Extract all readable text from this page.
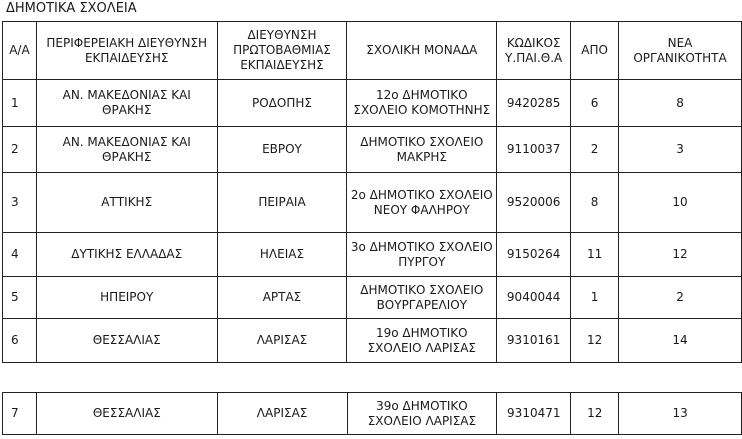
ΔΗΜΟΤΙΚΑ ΣΧΟΛΕΙΑ
Α/Α	ΠΕΡΙΦΕΡΕΙΑΚΗ ΔΙΕΥΘΥΝΣΗ ΕΚΠΑΙΔΕΥΣΗΣ	ΔΙΕΥΘΥΝΣΗ ΠΡΩΤΟΒΑΘΜΙΑΣ ΕΚΠΑΙΔΕΥΣΗΣ	ΣΧΟΛΙΚΗ ΜΟΝΑΔΑ	ΚΩΔΙΚΟΣ Υ.ΠΑΙ.Θ.Α	ΑΠΟ	ΝΕΑ ΟΡΓΑΝΙΚΟΤΗΤΑ
1	ΑΝ. ΜΑΚΕΔΟΝΙΑΣ ΚΑΙ ΘΡΑΚΗΣ	ΡΟΔΟΠΗΣ	12ο ΔΗΜΟΤΙΚΟ ΣΧΟΛΕΙΟ ΚΟΜΟΤΗΝΗΣ	9420285	6	8
2	ΑΝ. ΜΑΚΕΔΟΝΙΑΣ ΚΑΙ ΘΡΑΚΗΣ	ΕΒΡΟΥ	ΔΗΜΟΤΙΚΟ ΣΧΟΛΕΙΟ ΜΑΚΡΗΣ	9110037	2	3
3	ΑΤΤΙΚΗΣ	ΠΕΙΡΑΙΑ	2ο ΔΗΜΟΤΙΚΟ ΣΧΟΛΕΙΟ ΝΕΟΥ ΦΑΛΗΡΟΥ	9520006	8	10
4	ΔΥΤΙΚΗΣ ΕΛΛΑΔΑΣ	ΗΛΕΙΑΣ	3ο ΔΗΜΟΤΙΚΟ ΣΧΟΛΕΙΟ ΠΥΡΓΟΥ	9150264	11	12
5	ΗΠΕΙΡΟΥ	ΑΡΤΑΣ	ΔΗΜΟΤΙΚΟ ΣΧΟΛΕΙΟ ΒΟΥΡΓΑΡΕΛΙΟΥ	9040044	1	2
6	ΘΕΣΣΑΛΙΑΣ	ΛΑΡΙΣΑΣ	19ο ΔΗΜΟΤΙΚΟ ΣΧΟΛΕΙΟ ΛΑΡΙΣΑΣ	9310161	12	14
7	ΘΕΣΣΑΛΙΑΣ	ΛΑΡΙΣΑΣ	39ο ΔΗΜΟΤΙΚΟ ΣΧΟΛΕΙΟ ΛΑΡΙΣΑΣ	9310471	12	13
